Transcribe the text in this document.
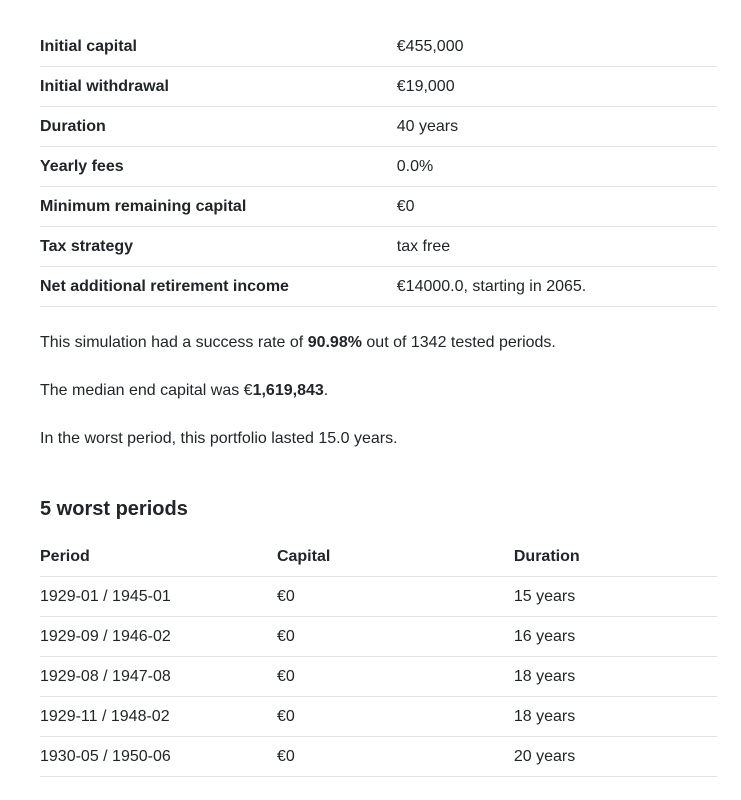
Initial capital	€455,000
Initial withdrawal	€19,000
Duration	40 years
Yearly fees	0.0%
Minimum remaining capital	€0
Tax strategy	tax free
Net additional retirement income	€14000.0, starting in 2065.

This simulation had a success rate of 90.98% out of 1342 tested periods.

The median end capital was €1,619,843.

In the worst period, this portfolio lasted 15.0 years.

5 worst periods
Period	Capital	Duration
1929-01 / 1945-01	€0	15 years
1929-09 / 1946-02	€0	16 years
1929-08 / 1947-08	€0	18 years
1929-11 / 1948-02	€0	18 years
1930-05 / 1950-06	€0	20 years
